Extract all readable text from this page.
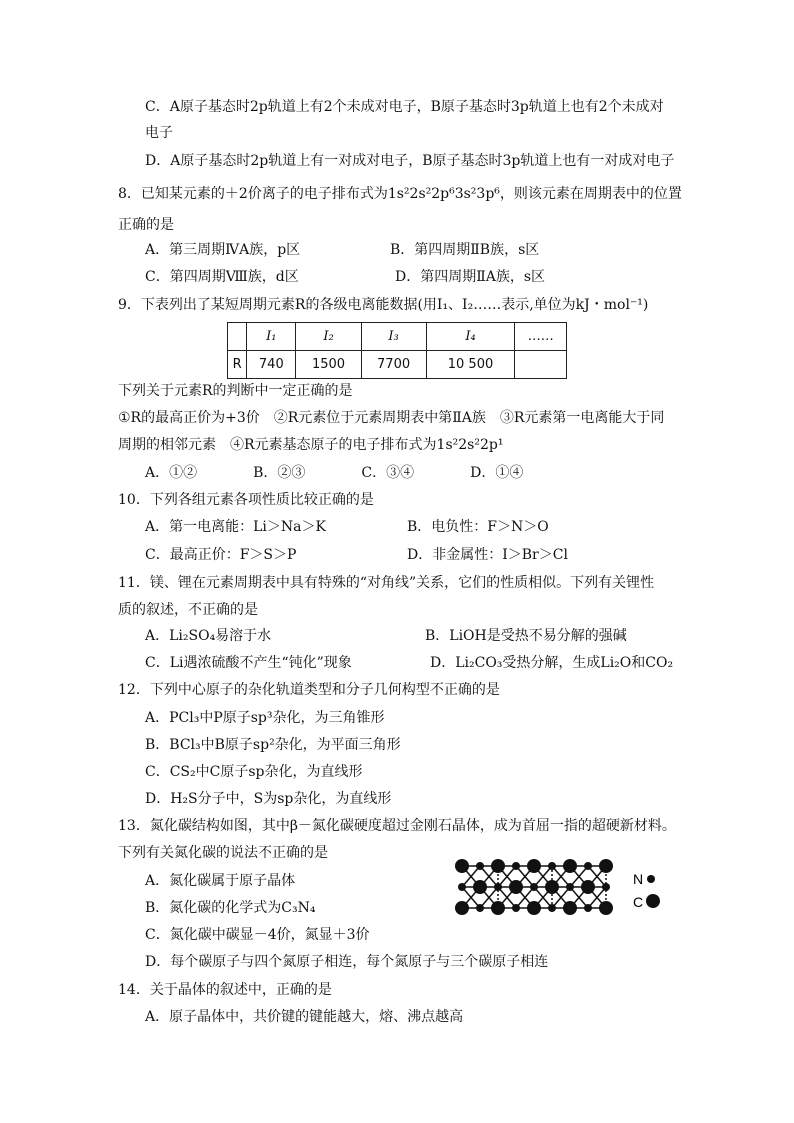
C．A原子基态时2p轨道上有2个未成对电子，B原子基态时3p轨道上也有2个未成对
电子
D．A原子基态时2p轨道上有一对成对电子，B原子基态时3p轨道上也有一对成对电子
8．已知某元素的＋2价离子的电子排布式为1s²2s²2p⁶3s²3p⁶，则该元素在周期表中的位置
正确的是
A．第三周期ⅣA族，p区	B．第四周期ⅡB族，s区
C．第四周期Ⅷ族，d区	D．第四周期ⅡA族，s区
9．下表列出了某短周期元素R的各级电离能数据(用I₁、I₂……表示,单位为kJ・mol⁻¹)
	I₁	I₂	I₃	I₄	……
R	740	1500	7700	10 500	
下列关于元素R的判断中一定正确的是
①R的最高正价为+3价　②R元素位于元素周期表中第ⅡA族　③R元素第一电离能大于同
周期的相邻元素　④R元素基态原子的电子排布式为1s²2s²2p¹
A．①②　　　　B．②③　　　　C．③④　　　　D．①④
10．下列各组元素各项性质比较正确的是
A．第一电离能：Li＞Na＞K	B．电负性：F＞N＞O
C．最高正价：F＞S＞P	D．非金属性：I＞Br＞Cl
11．镁、锂在元素周期表中具有特殊的“对角线”关系，它们的性质相似。下列有关锂性
质的叙述，不正确的是
A．Li₂SO₄易溶于水	B．LiOH是受热不易分解的强碱
C．Li遇浓硫酸不产生“钝化”现象	D．Li₂CO₃受热分解，生成Li₂O和CO₂
12．下列中心原子的杂化轨道类型和分子几何构型不正确的是
A．PCl₃中P原子sp³杂化，为三角锥形
B．BCl₃中B原子sp²杂化，为平面三角形
C．CS₂中C原子sp杂化，为直线形
D．H₂S分子中，S为sp杂化，为直线形
13．氮化碳结构如图，其中β－氮化碳硬度超过金刚石晶体，成为首屈一指的超硬新材料。
下列有关氮化碳的说法不正确的是
A．氮化碳属于原子晶体
B．氮化碳的化学式为C₃N₄
C．氮化碳中碳显－4价，氮显＋3价
D．每个碳原子与四个氮原子相连，每个氮原子与三个碳原子相连
N
C
14．关于晶体的叙述中，正确的是
A．原子晶体中，共价键的键能越大，熔、沸点越高
